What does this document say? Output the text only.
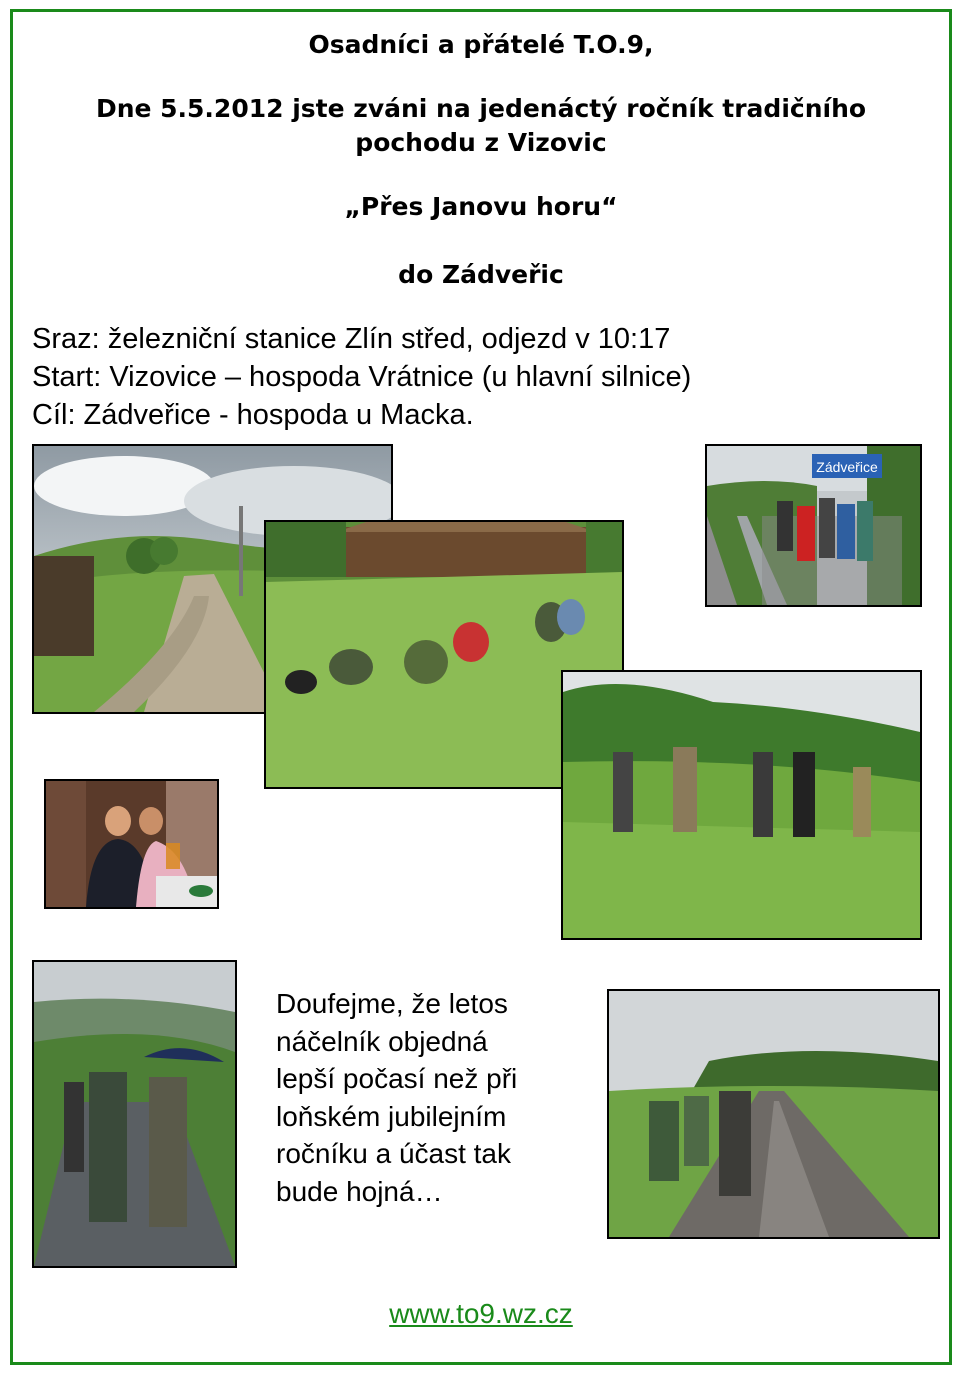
Osadníci a přátelé T.O.9,
Dne 5.5.2012 jste zváni na jedenáctý ročník tradičního
pochodu z Vizovic
„Přes Janovu horu“
do Zádveřic
Sraz: železniční stanice Zlín střed, odjezd v 10:17
Start: Vizovice – hospoda Vrátnice (u hlavní silnice)
Cíl: Zádveřice - hospoda u Macka.
Zádveřice
Doufejme, že letos
náčelník objedná
lepší počasí než při
loňském jubilejním
ročníku a účast tak
bude hojná…
www.to9.wz.cz
